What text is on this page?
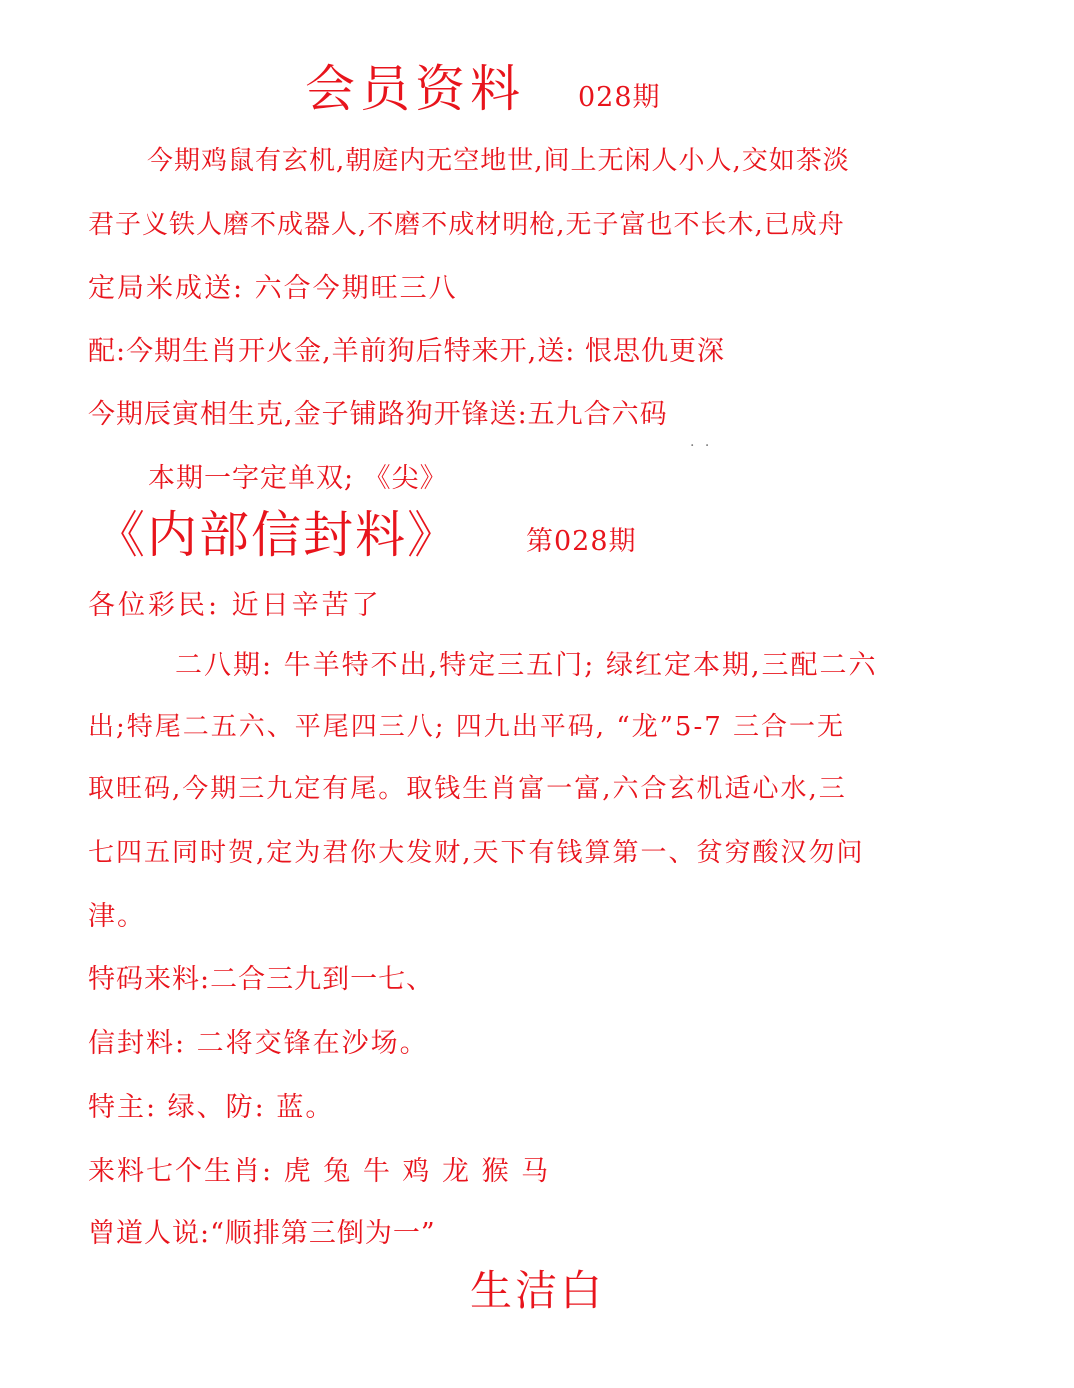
会员资料 028期
今期鸡鼠有玄机,朝庭内无空地世,间上无闲人小人,交如茶淡
君子义铁人磨不成器人,不磨不成材明枪,无子富也不长木,已成舟
定局米成送: 六合今期旺三八
配:今期生肖开火金,羊前狗后特来开,送: 恨思仇更深
今期辰寅相生克,金子铺路狗开锋送:五九合六码
· ·
本期一字定单双; 《尖》
《内部信封料》 第028期
各位彩民: 近日辛苦了
二八期: 牛羊特不出,特定三五门; 绿红定本期,三配二六
出;特尾二五六、平尾四三八; 四九出平码, “龙”5-7 三合一无
取旺码,今期三九定有尾。取钱生肖富一富,六合玄机适心水,三
七四五同时贺,定为君你大发财,天下有钱算第一、贫穷酸汉勿问
津。
特码来料:二合三九到一七、
信封料: 二将交锋在沙场。
特主: 绿、防: 蓝。
来料七个生肖: 虎 兔 牛 鸡 龙 猴 马
曾道人说:“顺排第三倒为一”
生洁白
